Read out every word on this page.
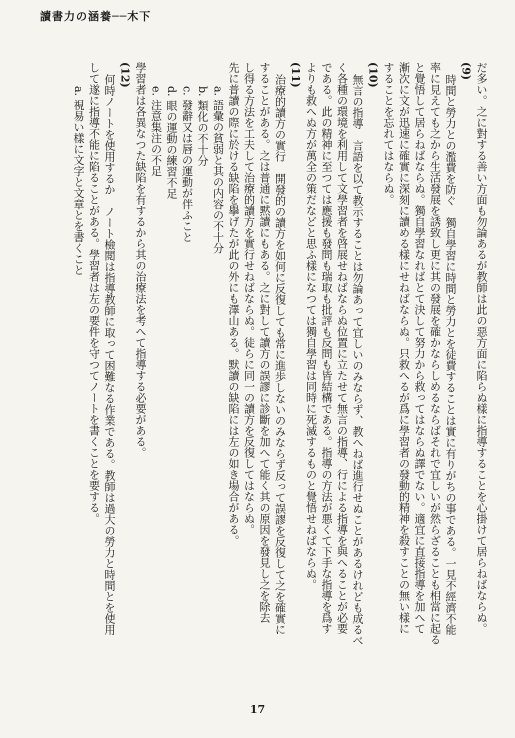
讀書力の涵養──木下
だ多い。之に對する善い方面も勿論あるが教師は此の惡方面に陷らぬ樣に指導することを心掛けて居らねばならぬ。
(9)
時間と勞力との濫費を防ぐ　獨自學習に時間と勞力とを徒費することは實に有りがちの事である。一見不經濟不能
率に見えても之から生活發展を誘致し更に其の發展を確かならしめるならばそれで宜しいが然らざることも相當に起る
と覺悟して居らねばならぬ。獨自學習なればとて決して努力から救ってはならぬ譯でない。適宜に直接指導を加へて
漸次に文が迅速に確實に深刻に讀める樣にせねばならぬ。只救へるが爲に學習者の發動的精神を殺すことの無い樣に
することを忘れてはならぬ。
(10)
無言の指導　言語を以て教示することは勿論あって宜しいのみならず、教へねば進行せぬことがあるけれども成るべ
く各種の環境を利用して文學習者を啓展せねばならぬ位置に立たせて無言の指導、行による指導を與へることが必要
である。此の精神に至つては應援も發問も瑞取も批評も反問も皆結構である。指導の方法が悪くて下手な指導を爲す
よりも救へぬ方が萬全の策だなどと思ふ樣になつては獨自學習は同時に死滅するものと覺悟せねばならぬ。
(11)
治療的讀方の實行　開發的の讀方を如何に反復しても常に進歩しないのみならず反って誤謬を反復して之を確實に
することがある。之は普通に黙讀にもある。之に對して讀方の誤謬に診斷を加へて能く其の原因を發見し之を除去
し得る方法を工夫して治療的讀方を實行せねばならぬ。徒らに同一の讀方を反復してはならぬ。
先に普讀の際に於ける缺陷を擧げたが此の外にも澤山ある。默讀の缺陷には左の如き場合がある。
a. 語彙の貧弱と其の内容の不十分
b. 類化の不十分
c. 發辭又は唇の運動が伴ふこと
d. 眼の運動の練習不足
e. 注意集注の不足
學習者は各異なつた缺陷を有するから其の治療法を考へて指導する必要がある。
(12)
何時ノートを使用するか　ノート檢閲は指導教師に取って困難なる作業である。教師は過大の勞力と時間とを使用
して遂に指導不能に陷ることがある。學習者は左の要件を守つてノートを書くことを要する。
a. 視易い樣に文字と文章とを書くこと
17
